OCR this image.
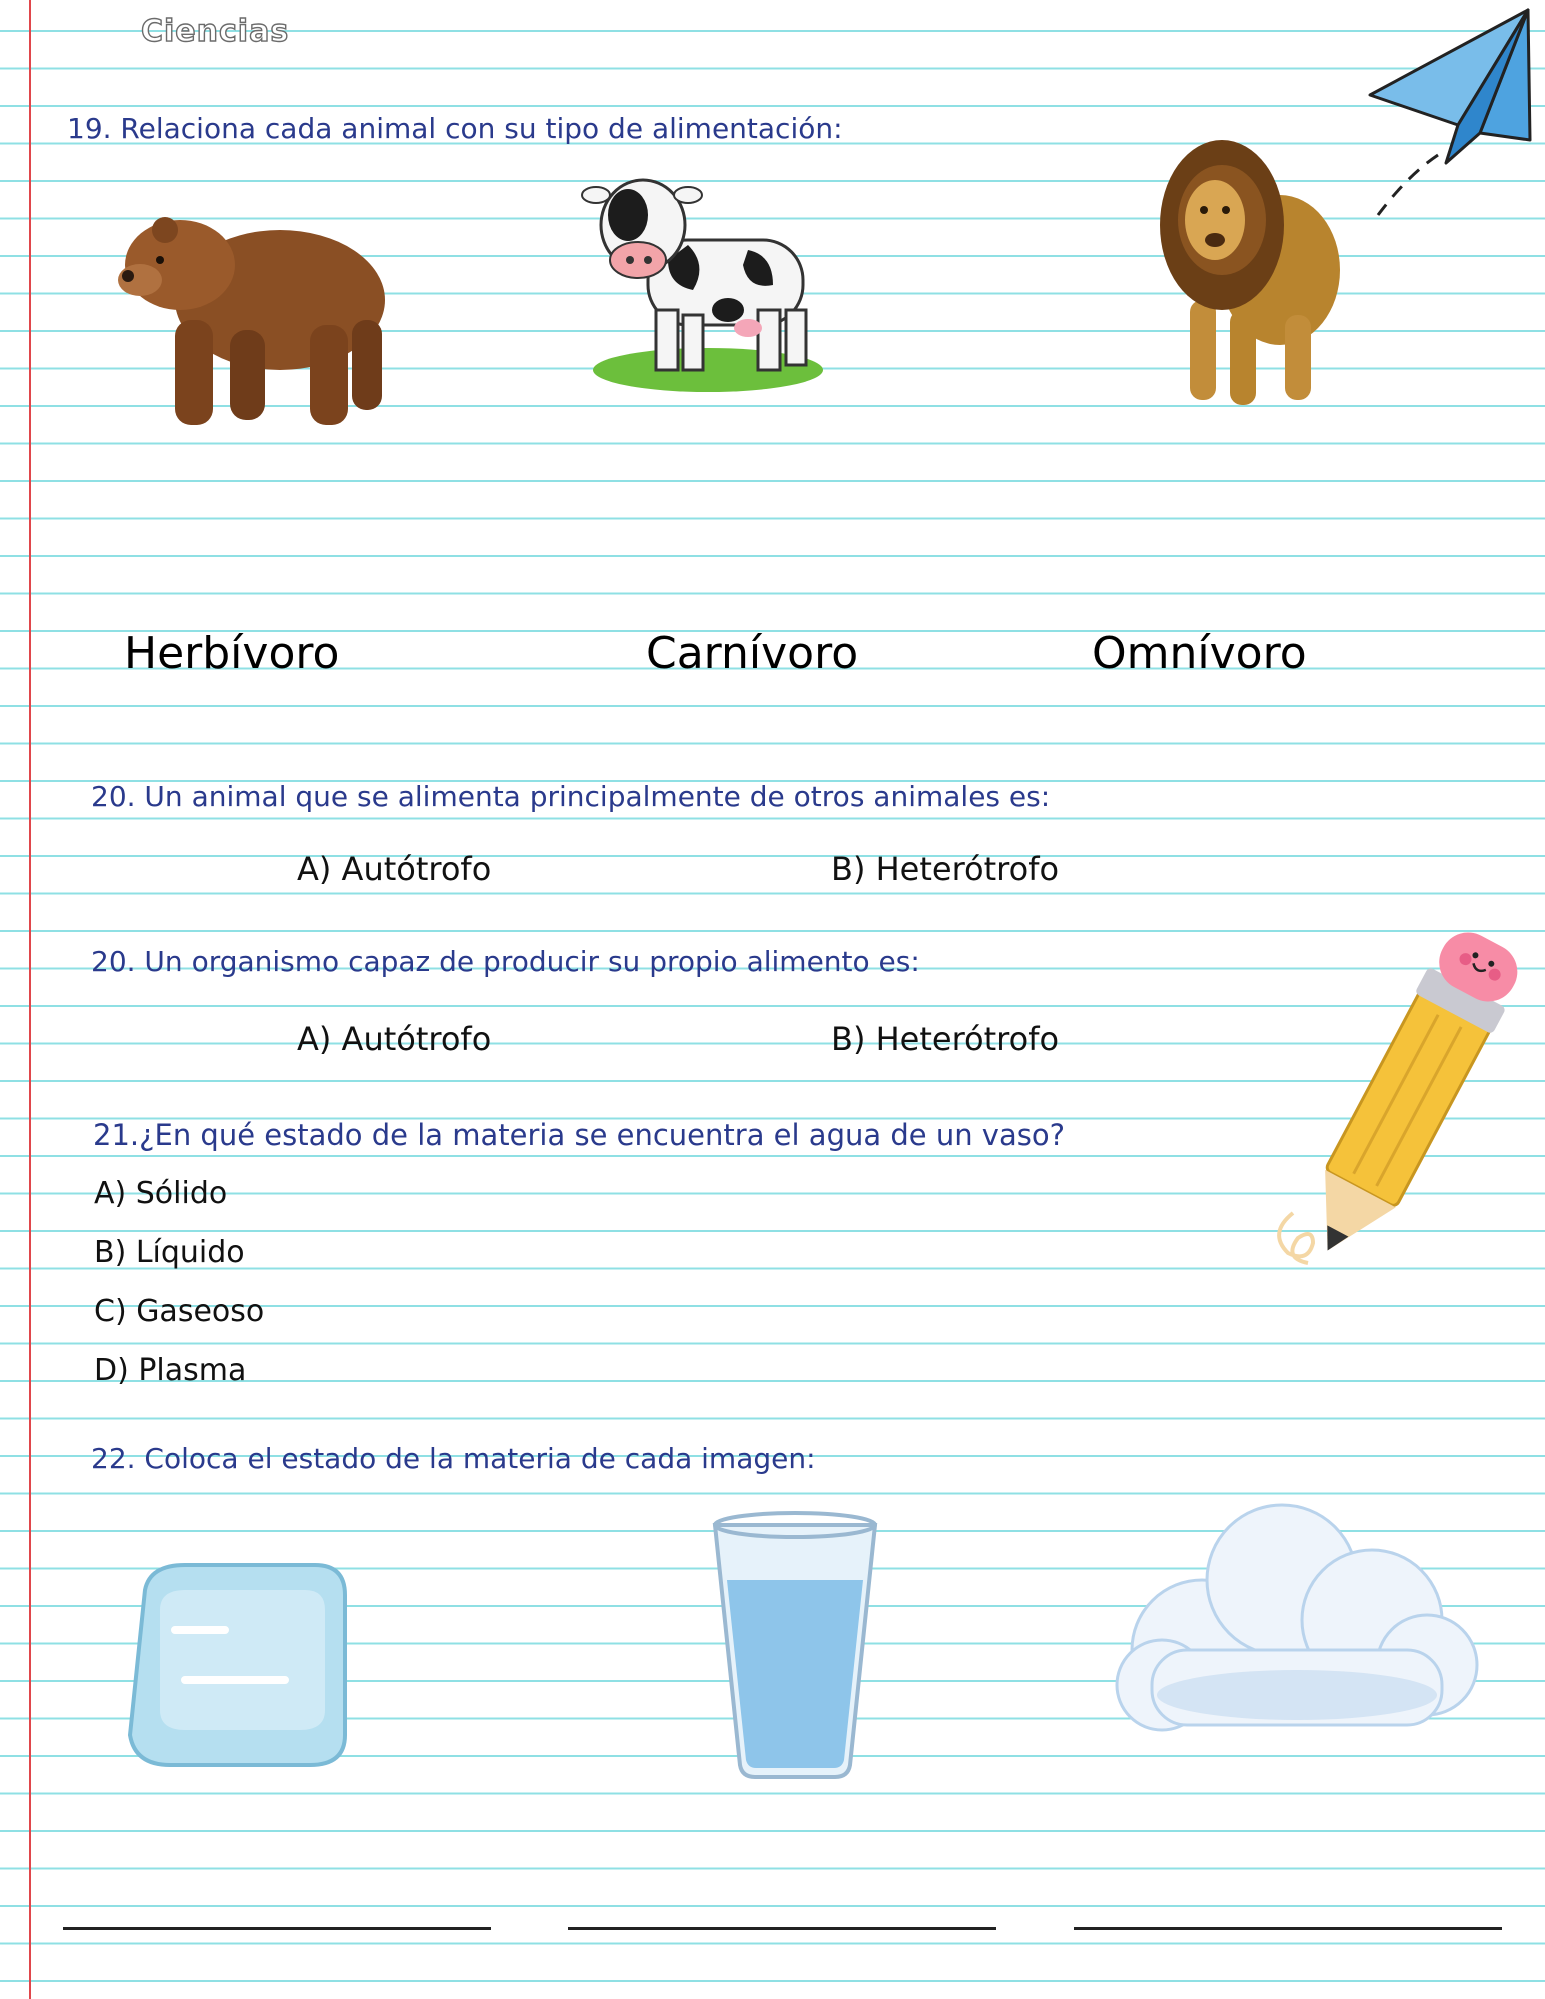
Ciencias
19. Relaciona cada animal con su tipo de alimentación:
Herbívoro	Carnívoro	Omnívoro
20. Un animal que se alimenta principalmente de otros animales es:
A) Autótrofo	B) Heterótrofo
20. Un organismo capaz de producir su propio alimento es:
A) Autótrofo	B) Heterótrofo
21.¿En qué estado de la materia se encuentra el agua de un vaso?
A) Sólido
B) Líquido
C) Gaseoso
D) Plasma
22. Coloca el estado de la materia de cada imagen:
